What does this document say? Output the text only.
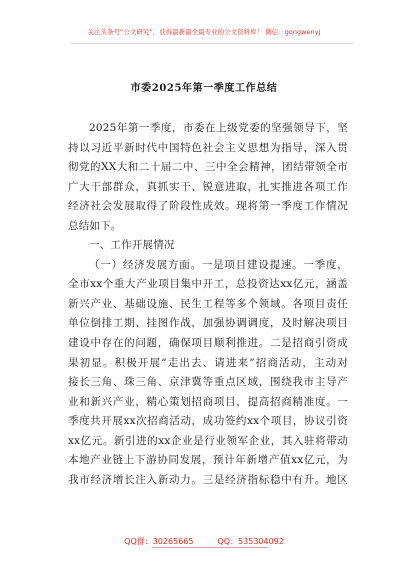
关注头条号“公文研究”，获得最新最全最专业的公文资料库！ 微信：gongwenyj
市委2025年第一季度工作总结
2025年第一季度，市委在上级党委的坚强领导下，坚
持以习近平新时代中国特色社会主义思想为指导，深入贯
彻党的XX大和二十届二中、三中全会精神，团结带领全市
广大干部群众，真抓实干、锐意进取，扎实推进各项工作
经济社会发展取得了阶段性成效。现将第一季度工作情况
总结如下。
一、工作开展情况
（一）经济发展方面。一是项目建设提速。一季度，
全市xx个重大产业项目集中开工，总投资达xx亿元，涵盖
新兴产业、基础设施、民生工程等多个领域。各项目责任
单位倒排工期、挂图作战，加强协调调度，及时解决项目
建设中存在的问题，确保项目顺利推进。二是招商引资成
果初显。积极开展“走出去、请进来”招商活动，主动对
接长三角、珠三角、京津冀等重点区域，围绕我市主导产
业和新兴产业，精心策划招商项目，提高招商精准度。一
季度共开展xx次招商活动，成功签约xx个项目，协议引资
xx亿元。新引进的xx企业是行业领军企业，其入驻将带动
本地产业链上下游协同发展，预计年新增产值xx亿元，为
我市经济增长注入新动力。三是经济指标稳中有升。地区
QQ群：30265665	QQ：535304092
